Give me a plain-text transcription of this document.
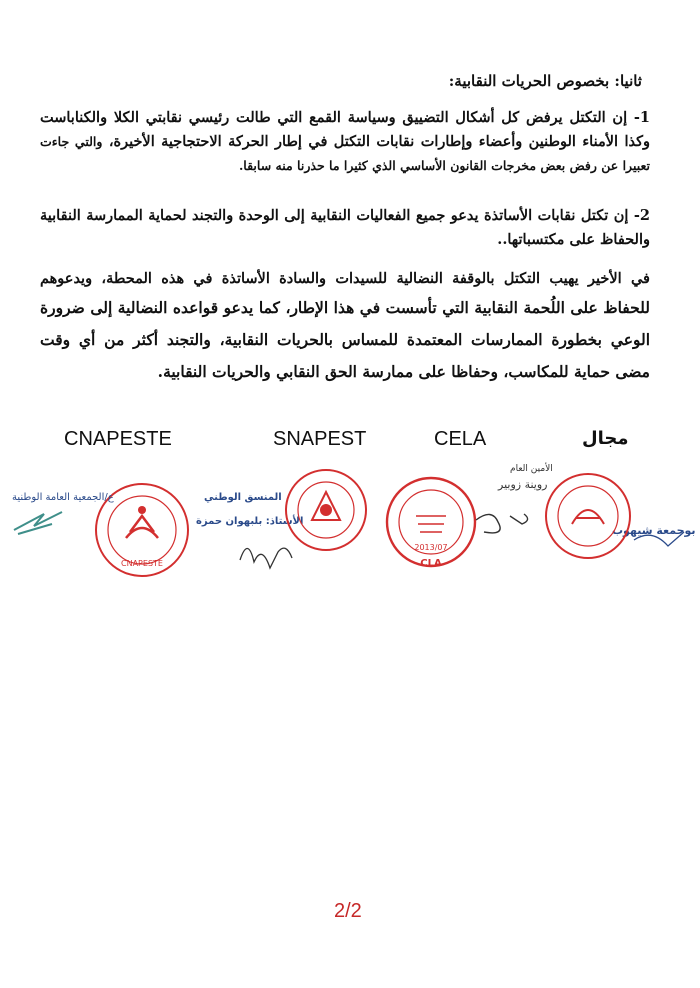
ثانيا: بخصوص الحريات النقابية:
1- إن التكتل يرفض كل أشكال التضييق وسياسة القمع التي طالت رئيسي نقابتي الكلا والكناباست وكذا الأمناء الوطنين وأعضاء وإطارات نقابات التكتل في إطار الحركة الاحتجاجية الأخيرة، والتي جاءت تعبيرا عن رفض بعض مخرجات القانون الأساسي الذي كثيرا ما حذرنا منه سابقا.
2- إن تكتل نقابات الأساتذة يدعو جميع الفعاليات النقابية إلى الوحدة والتجند لحماية الممارسة النقابية والحفاظ على مكتسباتها..
في الأخير يهيب التكتل بالوقفة النضالية للسيدات والسادة الأساتذة في هذه المحطة، ويدعوهم للحفاظ على اللُحمة النقابية التي تأسست في هذا الإطار، كما يدعو قواعده النضالية إلى ضرورة الوعي بخطورة الممارسات المعتمدة للمساس بالحريات النقابية، والتجند أكثر من أي وقت مضى حماية للمكاسب، وحفاظا على ممارسة الحق النقابي والحريات النقابية.
CNAPESTE	SNAPEST	CELA	مجال
CNAPESTE
ع/الجمعية العامة الوطنية	المنسق الوطني
الأستاذ: بلبهوان حمزة
2013/07
CLA
الأمين العام
روينة زوبير
بوجمعة شيهوب
2/2
